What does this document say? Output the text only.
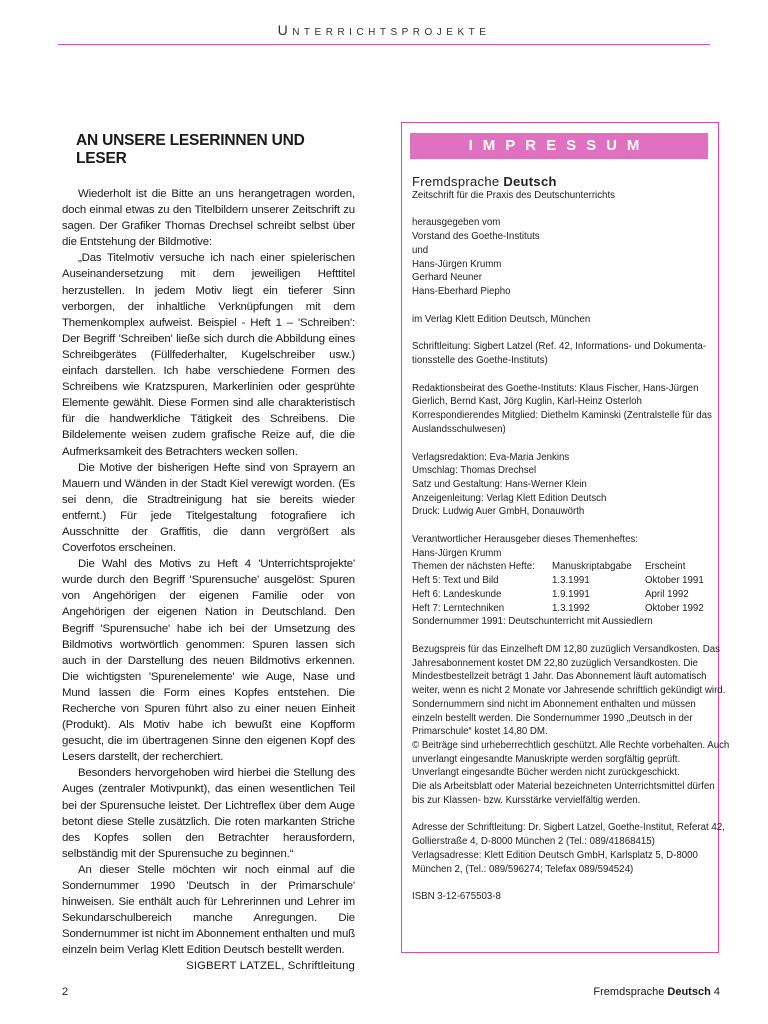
Unterrichtsprojekte
AN UNSERE LESERINNEN UND LESER

Wiederholt ist die Bitte an uns herangetragen worden, doch einmal etwas zu den Titelbildern unserer Zeitschrift zu sagen. Der Grafiker Thomas Drechsel schreibt selbst über die Entstehung der Bildmotive:

„Das Titelmotiv versuche ich nach einer spielerischen Auseinandersetzung mit dem jeweiligen Hefttitel herzustellen. In jedem Motiv liegt ein tieferer Sinn verborgen, der inhaltliche Verknüpfungen mit dem Themenkomplex aufweist. Beispiel - Heft 1 – 'Schreiben': Der Begriff 'Schreiben' ließe sich durch die Abbildung eines Schreibgerätes (Füllfederhalter, Kugelschreiber usw.) einfach darstellen. Ich habe verschiedene Formen des Schreibens wie Kratzspuren, Markerlinien oder gesprühte Elemente gewählt. Diese Formen sind alle charakteristisch für die handwerkliche Tätigkeit des Schreibens. Die Bildelemente weisen zudem grafische Reize auf, die die Aufmerksamkeit des Betrachters wecken sollen.

Die Motive der bisherigen Hefte sind von Sprayern an Mauern und Wänden in der Stadt Kiel verewigt worden. (Es sei denn, die Stradtreinigung hat sie bereits wieder entfernt.) Für jede Titelgestaltung fotografiere ich Ausschnitte der Graffitis, die dann vergrößert als Coverfotos erscheinen.

Die Wahl des Motivs zu Heft 4 'Unterrichtsprojekte' wurde durch den Begriff 'Spurensuche' ausgelöst: Spuren von Angehörigen der eigenen Familie oder von Angehörigen der eigenen Nation in Deutschland. Den Begriff 'Spurensuche' habe ich bei der Umsetzung des Bildmotivs wortwörtlich genommen: Spuren lassen sich auch in der Darstellung des neuen Bildmotivs erkennen. Die wichtigsten 'Spurenelemente' wie Auge, Nase und Mund lassen die Form eines Kopfes entstehen. Die Recherche von Spuren führt also zu einer neuen Einheit (Produkt). Als Motiv habe ich bewußt eine Kopfform gesucht, die im übertragenen Sinne den eigenen Kopf des Lesers darstellt, der recherchiert.

Besonders hervorgehoben wird hierbei die Stellung des Auges (zentraler Motivpunkt), das einen wesentlichen Teil bei der Spurensuche leistet. Der Lichtreflex über dem Auge betont diese Stelle zusätzlich. Die roten markanten Striche des Kopfes sollen den Betrachter herausfordern, selbständig mit der Spurensuche zu beginnen.“

An dieser Stelle möchten wir noch einmal auf die Sondernummer 1990 'Deutsch in der Primarschule' hinweisen. Sie enthält auch für Lehrerinnen und Lehrer im Sekundarschulbereich manche Anregungen. Die Sondernummer ist nicht im Abonnement enthalten und muß einzeln beim Verlag Klett Edition Deutsch bestellt werden.

SIGBERT LATZEL, Schriftleitung
IMPRESSUM
Fremdsprache Deutsch
Zeitschrift für die Praxis des Deutschunterrichts
herausgegeben vom
Vorstand des Goethe-Instituts
und
Hans-Jürgen Krumm
Gerhard Neuner
Hans-Eberhard Piepho
im Verlag Klett Edition Deutsch, München
Schriftleitung: Sigbert Latzel (Ref. 42, Informations- und Dokumenta-
tionsstelle des Goethe-Instituts)
Redaktionsbeirat des Goethe-Instituts: Klaus Fischer, Hans-Jürgen
Gierlich, Bernd Kast, Jörg Kuglin, Karl-Heinz Osterloh
Korrespondierendes Mitglied: Diethelm Kaminski (Zentralstelle für das
Auslandsschulwesen)
Verlagsredaktion: Eva-Maria Jenkins
Umschlag: Thomas Drechsel
Satz und Gestaltung: Hans-Werner Klein
Anzeigenleitung: Verlag Klett Edition Deutsch
Druck: Ludwig Auer GmbH, Donauwörth
Verantwortlicher Herausgeber dieses Themenheftes:
Hans-Jürgen Krumm
Themen der nächsten Hefte:	Manuskriptabgabe	Erscheint
Heft 5: Text und Bild	1.3.1991	Oktober 1991
Heft 6: Landeskunde	1.9.1991	April 1992
Heft 7: Lerntechniken	1.3.1992	Oktober 1992
Sondernummer 1991: Deutschunterricht mit Aussiedlern
Bezugspreis für das Einzelheft DM 12,80 zuzüglich Versandkosten. Das
Jahresabonnement kostet DM 22,80 zuzüglich Versandkosten. Die
Mindestbestellzeit beträgt 1 Jahr. Das Abonnement läuft automatisch
weiter, wenn es nicht 2 Monate vor Jahresende schriftlich gekündigt wird.
Sondernummern sind nicht im Abonnement enthalten und müssen
einzeln bestellt werden. Die Sondernummer 1990 „Deutsch in der
Primarschule“ kostet 14,80 DM.
© Beiträge sind urheberrechtlich geschützt. Alle Rechte vorbehalten. Auch
unverlangt eingesandte Manuskripte werden sorgfältig geprüft.
Unverlangt eingesandte Bücher werden nicht zurückgeschickt.
Die als Arbeitsblatt oder Material bezeichneten Unterrichtsmittel dürfen
bis zur Klassen- bzw. Kursstärke vervielfältig werden.
Adresse der Schriftleitung: Dr. Sigbert Latzel, Goethe-Institut, Referat 42,
Gollierstraße 4, D-8000 München 2 (Tel.: 089/41868415)
Verlagsadresse: Klett Edition Deutsch GmbH, Karlsplatz 5, D-8000
München 2, (Tel.: 089/596274; Telefax 089/594524)
ISBN 3-12-675503-8
2	Fremdsprache Deutsch 4
